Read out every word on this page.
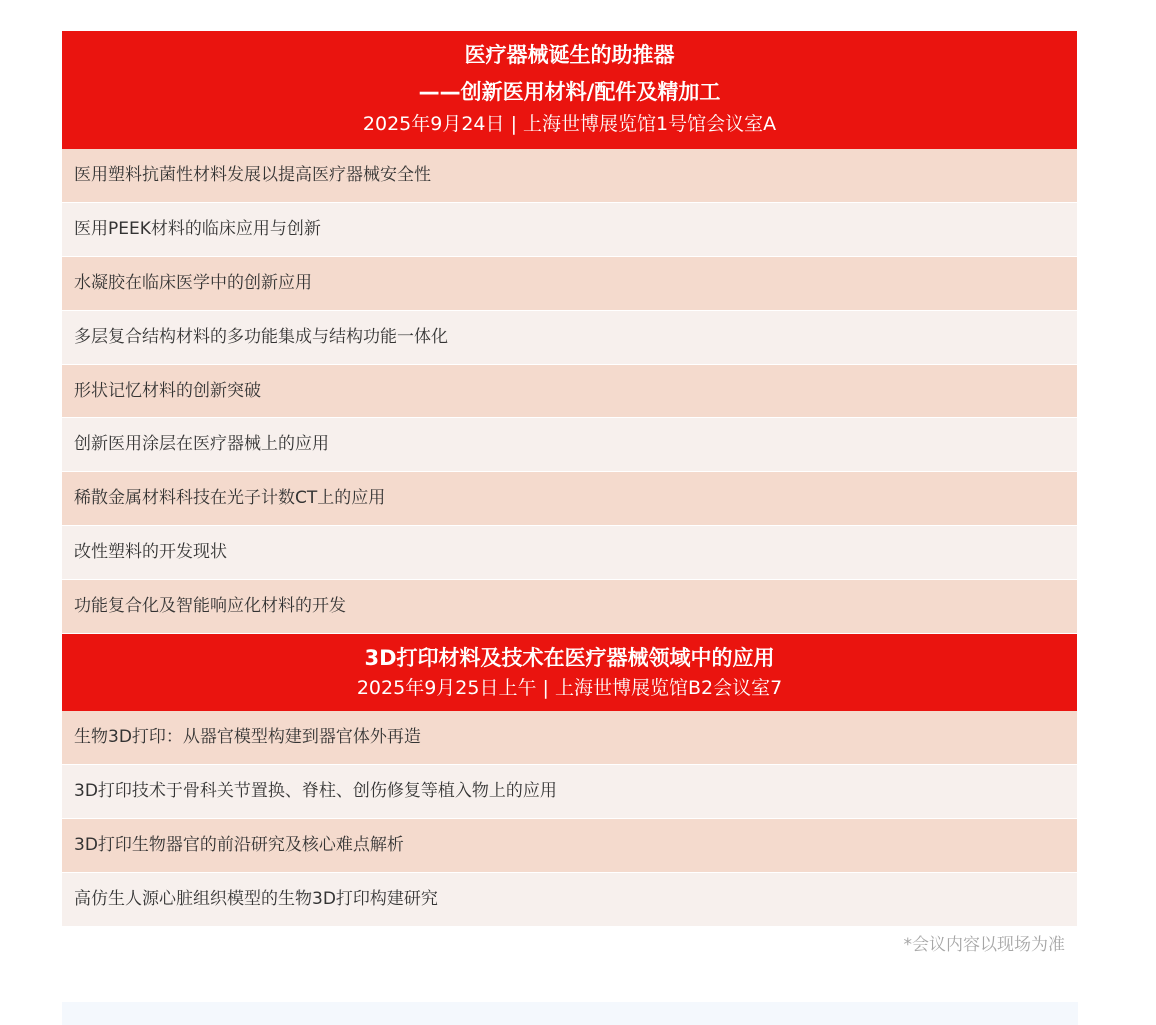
医疗器械诞生的助推器
——创新医用材料/配件及精加工
2025年9月24日 | 上海世博展览馆1号馆会议室A
医用塑料抗菌性材料发展以提高医疗器械安全性
医用PEEK材料的临床应用与创新
水凝胶在临床医学中的创新应用
多层复合结构材料的多功能集成与结构功能一体化
形状记忆材料的创新突破
创新医用涂层在医疗器械上的应用
稀散金属材料科技在光子计数CT上的应用
改性塑料的开发现状
功能复合化及智能响应化材料的开发
3D打印材料及技术在医疗器械领域中的应用
2025年9月25日上午 | 上海世博展览馆B2会议室7
生物3D打印：从器官模型构建到器官体外再造
3D打印技术于骨科关节置换、脊柱、创伤修复等植入物上的应用
3D打印生物器官的前沿研究及核心难点解析
高仿生人源心脏组织模型的生物3D打印构建研究
*会议内容以现场为准
